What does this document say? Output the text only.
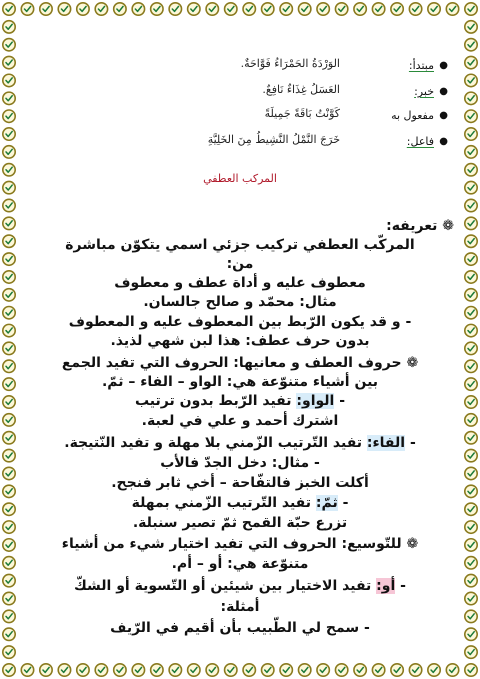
●
مبتدأ:
الوَرْدَةُ الحَمْرَاءُ فَوَّاحَةٌ.
●
خبر:
العَسَلُ غِذَاءٌ نَافِعٌ.
●
مفعول به
كَوَّنْتُ بَاقَةً جَمِيلَةً
●
فاعل:
خَرَجَ النَّمْلُ النَّشِيطُ مِنَ الخَلِيَّةِ
المركب العطفي
❁ تعريفه:
المركّب العطفي تركيب جزئي اسمي يتكوّن مباشرة
من:
معطوف عليه و أداة عطف و معطوف
مثال: محمّد و صالح جالسان.
- و قد يكون الرّبط بين المعطوف عليه و المعطوف
بدون حرف عطف: هذا لبن شهي لذيذ.
❁ حروف العطف و معانيها: الحروف التي تفيد الجمع
بين أشياء متنوّعة هي: الواو – الفاء – ثمّ.
- الواو: تفيد الرّبط بدون ترتيب
اشترك أحمد و علي في لعبة.
- الفاء: تفيد التّرتيب الزّمني بلا مهلة و تفيد النّتيجة.
- مثال: دخل الجدّ فالأب
أكلت الخبز فالتفّاحة – أخي ثابر فنجح.
- ثمّ: تفيد التّرتيب الزّمني بمهلة
تزرع حبّة القمح ثمّ تصير سنبلة.
❁ للتّوسيع: الحروف التي تفيد اختيار شيء من أشياء
متنوّعة هي: أو – أم.
- أو: تفيد الاختيار بين شيئين أو التّسوية أو الشكّ
أمثلة:
- سمح لي الطّبيب بأن أقيم في الرّيف
